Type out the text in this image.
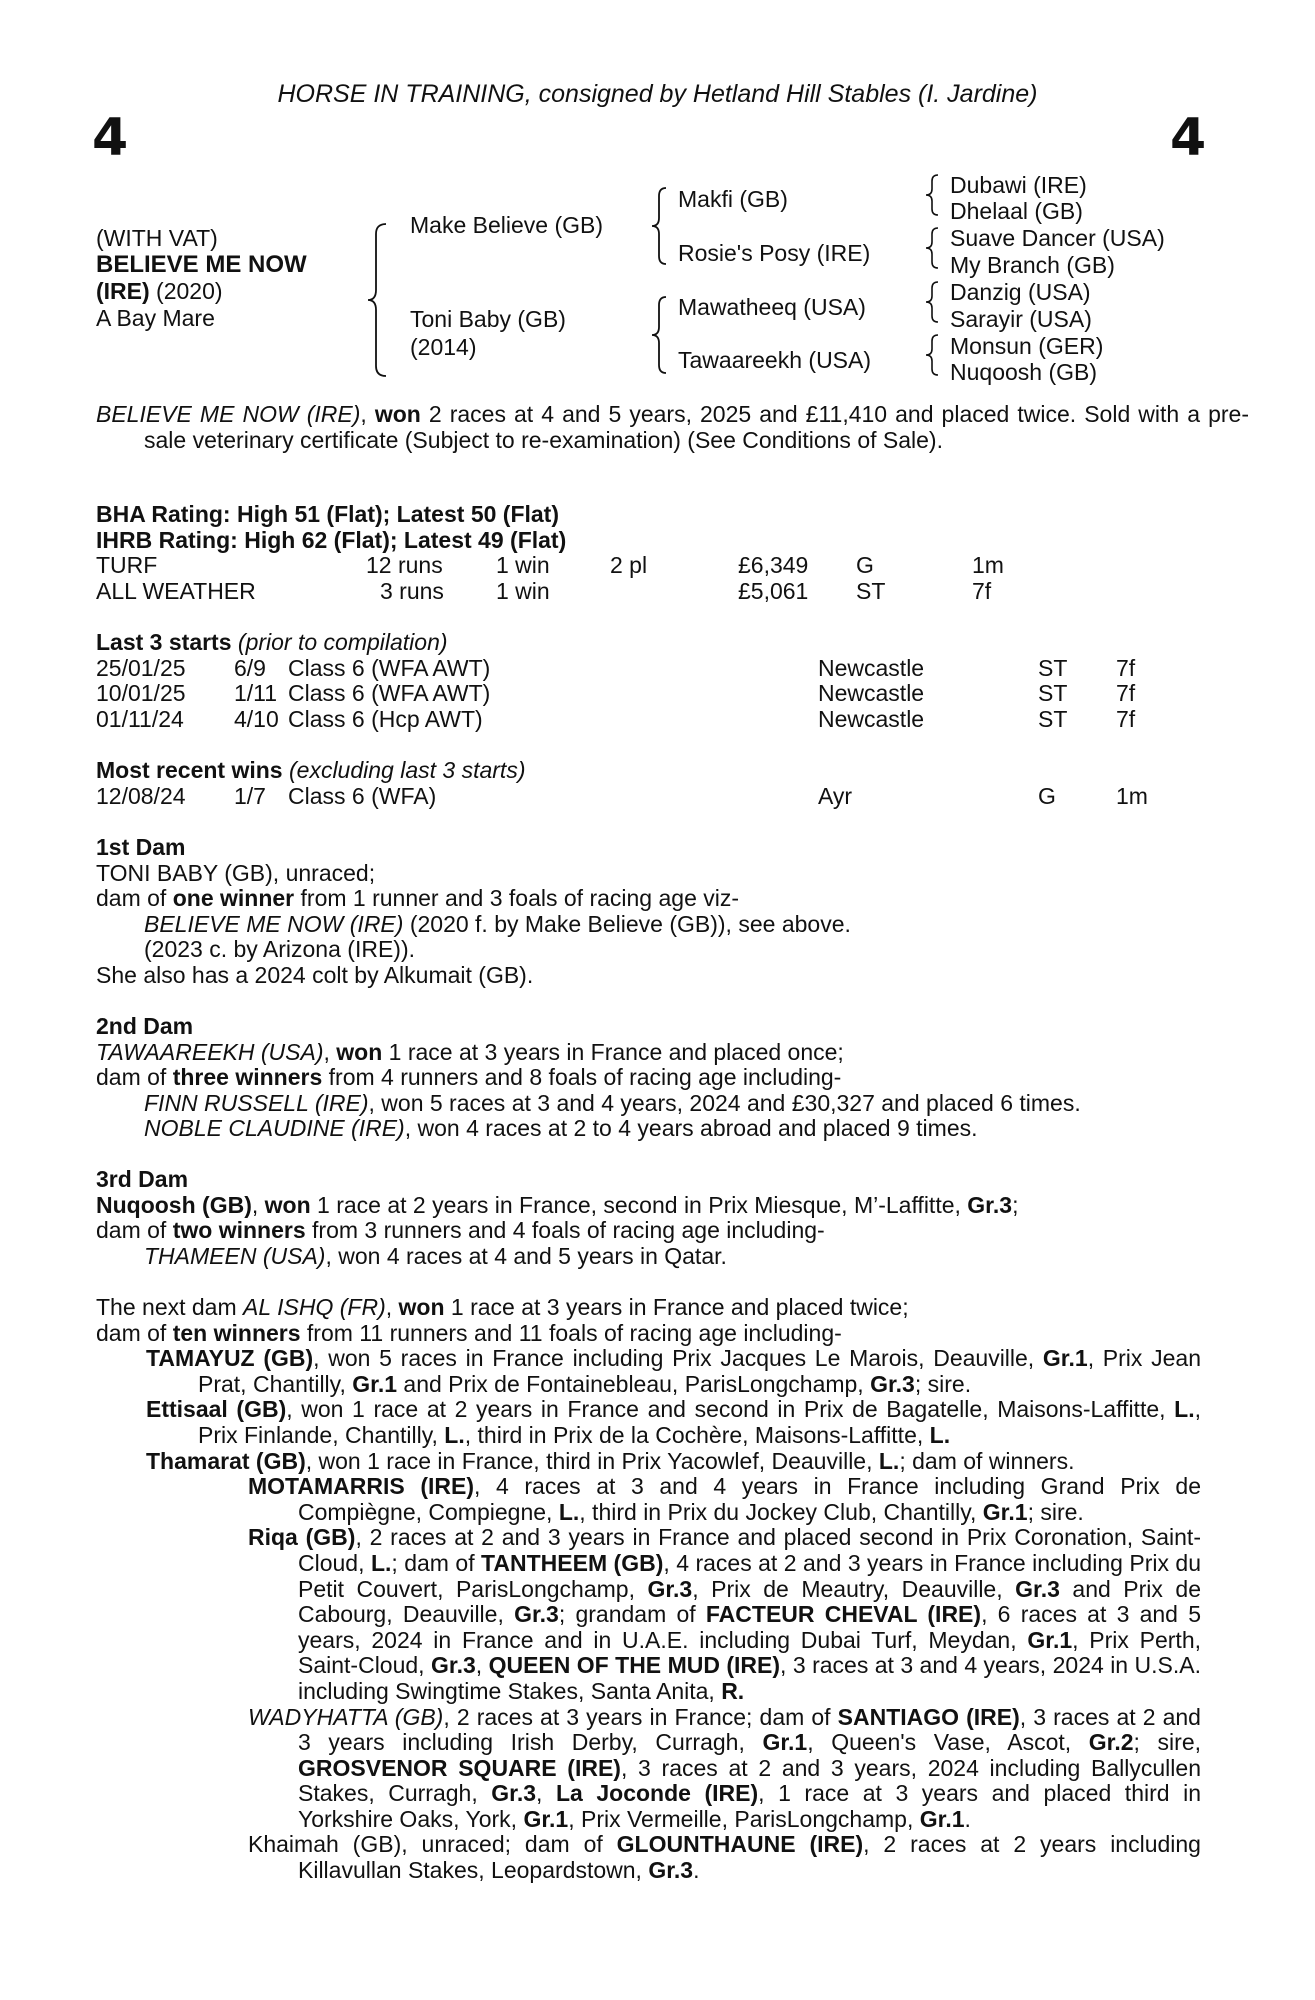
HORSE IN TRAINING, consigned by Hetland Hill Stables (I. Jardine)
4	4
(WITH VAT)
BELIEVE ME NOW
(IRE) (2020)
A Bay Mare
Make Believe (GB)
Toni Baby (GB)
(2014)
Makfi (GB)
Rosie's Posy (IRE)
Mawatheeq (USA)
Tawaareekh (USA)
Dubawi (IRE)
Dhelaal (GB)
Suave Dancer (USA)
My Branch (GB)
Danzig (USA)
Sarayir (USA)
Monsun (GER)
Nuqoosh (GB)
BELIEVE ME NOW (IRE), won 2 races at 4 and 5 years, 2025 and £11,410 and placed twice. Sold with a pre-sale veterinary certificate (Subject to re-examination) (See Conditions of Sale).

BHA Rating: High 51 (Flat); Latest 50 (Flat)

IHRB Rating: High 62 (Flat); Latest 49 (Flat)

TURF	12 runs 1 win	2 pl	£6,349 G	1m
ALL WEATHER	3 runs 1 win	£5,061 ST	7f

Last 3 starts (prior to compilation)

25/01/25 6/9 Class 6 (WFA AWT)	Newcastle	ST 7f
10/01/25 1/11 Class 6 (WFA AWT)	Newcastle	ST 7f
01/11/24 4/10 Class 6 (Hcp AWT)	Newcastle	ST 7f

Most recent wins (excluding last 3 starts)

12/08/24 1/7 Class 6 (WFA)	Ayr	G	1m

1st Dam

TONI BABY (GB), unraced;

dam of one winner from 1 runner and 3 foals of racing age viz-

BELIEVE ME NOW (IRE) (2020 f. by Make Believe (GB)), see above.

(2023 c. by Arizona (IRE)).

She also has a 2024 colt by Alkumait (GB).

2nd Dam

TAWAAREEKH (USA), won 1 race at 3 years in France and placed once;

dam of three winners from 4 runners and 8 foals of racing age including-

FINN RUSSELL (IRE), won 5 races at 3 and 4 years, 2024 and £30,327 and placed 6 times.

NOBLE CLAUDINE (IRE), won 4 races at 2 to 4 years abroad and placed 9 times.

3rd Dam

Nuqoosh (GB), won 1 race at 2 years in France, second in Prix Miesque, M’-Laffitte, Gr.3;

dam of two winners from 3 runners and 4 foals of racing age including-

THAMEEN (USA), won 4 races at 4 and 5 years in Qatar.

The next dam AL ISHQ (FR), won 1 race at 3 years in France and placed twice;

dam of ten winners from 11 runners and 11 foals of racing age including-

TAMAYUZ (GB), won 5 races in France including Prix Jacques Le Marois, Deauville, Gr.1, Prix Jean Prat, Chantilly, Gr.1 and Prix de Fontainebleau, ParisLongchamp, Gr.3; sire.

Ettisaal (GB), won 1 race at 2 years in France and second in Prix de Bagatelle, Maisons-Laffitte, L., Prix Finlande, Chantilly, L., third in Prix de la Cochère, Maisons-Laffitte, L.

Thamarat (GB), won 1 race in France, third in Prix Yacowlef, Deauville, L.; dam of winners.

MOTAMARRIS (IRE), 4 races at 3 and 4 years in France including Grand Prix de Compiègne, Compiegne, L., third in Prix du Jockey Club, Chantilly, Gr.1; sire.

Riqa (GB), 2 races at 2 and 3 years in France and placed second in Prix Coronation, Saint-Cloud, L.; dam of TANTHEEM (GB), 4 races at 2 and 3 years in France including Prix du Petit Couvert, ParisLongchamp, Gr.3, Prix de Meautry, Deauville, Gr.3 and Prix de Cabourg, Deauville, Gr.3; grandam of FACTEUR CHEVAL (IRE), 6 races at 3 and 5 years, 2024 in France and in U.A.E. including Dubai Turf, Meydan, Gr.1, Prix Perth, Saint-Cloud, Gr.3, QUEEN OF THE MUD (IRE), 3 races at 3 and 4 years, 2024 in U.S.A. including Swingtime Stakes, Santa Anita, R.

WADYHATTA (GB), 2 races at 3 years in France; dam of SANTIAGO (IRE), 3 races at 2 and 3 years including Irish Derby, Curragh, Gr.1, Queen's Vase, Ascot, Gr.2; sire, GROSVENOR SQUARE (IRE), 3 races at 2 and 3 years, 2024 including Ballycullen Stakes, Curragh, Gr.3, La Joconde (IRE), 1 race at 3 years and placed third in Yorkshire Oaks, York, Gr.1, Prix Vermeille, ParisLongchamp, Gr.1.

Khaimah (GB), unraced; dam of GLOUNTHAUNE (IRE), 2 races at 2 years including Killavullan Stakes, Leopardstown, Gr.3.
